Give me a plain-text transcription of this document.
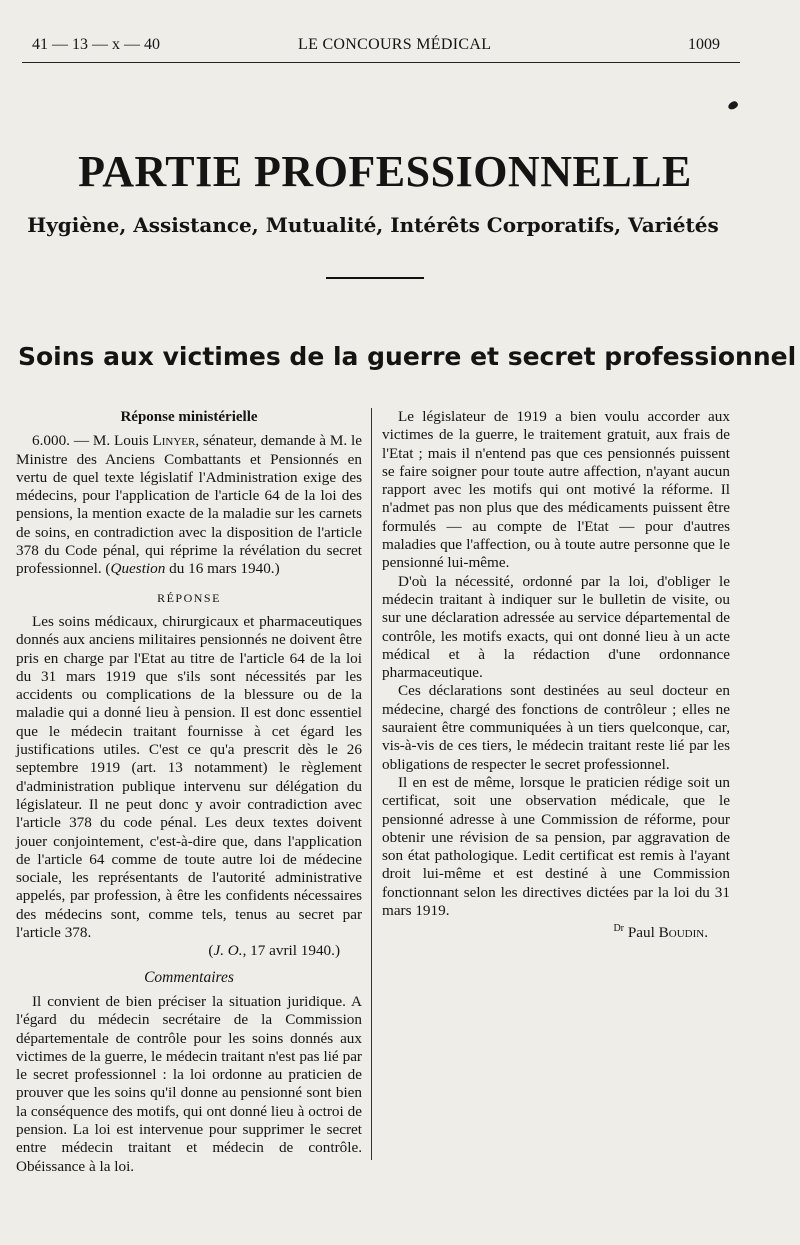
41 — 13 — x — 40	LE CONCOURS MÉDICAL	1009
PARTIE PROFESSIONNELLE
Hygiène, Assistance, Mutualité, Intérêts Corporatifs, Variétés
Soins aux victimes de la guerre et secret professionnel
Réponse ministérielle

6.000. — M. Louis Linyer, sénateur, demande à M. le Ministre des Anciens Combattants et Pensionnés en vertu de quel texte législatif l'Administration exige des médecins, pour l'application de l'article 64 de la loi des pensions, la mention exacte de la maladie sur les carnets de soins, en contradiction avec la disposition de l'article 378 du Code pénal, qui réprime la révélation du secret professionnel. (Question du 16 mars 1940.)

RÉPONSE

Les soins médicaux, chirurgicaux et pharmaceutiques donnés aux anciens militaires pensionnés ne doivent être pris en charge par l'Etat au titre de l'article 64 de la loi du 31 mars 1919 que s'ils sont nécessités par les accidents ou complications de la blessure ou de la maladie qui a donné lieu à pension. Il est donc essentiel que le médecin traitant fournisse à cet égard les justifications utiles. C'est ce qu'a prescrit dès le 26 septembre 1919 (art. 13 notamment) le règlement d'administration publique intervenu sur délégation du législateur. Il ne peut donc y avoir contradiction avec l'article 378 du code pénal. Les deux textes doivent jouer conjointement, c'est-à-dire que, dans l'application de l'article 64 comme de toute autre loi de médecine sociale, les représentants de l'autorité administrative appelés, par profession, à être les confidents nécessaires des médecins sont, comme tels, tenus au secret par l'article 378.

(J. O., 17 avril 1940.)

Commentaires

Il convient de bien préciser la situation juridique. A l'égard du médecin secrétaire de la Commission départementale de contrôle pour les soins donnés aux victimes de la guerre, le médecin traitant n'est pas lié par le secret professionnel : la loi ordonne au praticien de prouver que les soins qu'il donne au pensionné sont bien la conséquence des motifs, qui ont donné lieu à octroi de pension. La loi est intervenue pour supprimer le secret entre médecin traitant et médecin de contrôle. Obéissance à la loi.

Le législateur de 1919 a bien voulu accorder aux victimes de la guerre, le traitement gratuit, aux frais de l'Etat ; mais il n'entend pas que ces pensionnés puissent se faire soigner pour toute autre affection, n'ayant aucun rapport avec les motifs qui ont motivé la réforme. Il n'admet pas non plus que des médicaments puissent être formulés — au compte de l'Etat — pour d'autres maladies que l'affection, ou à toute autre personne que le pensionné lui-même.

D'où la nécessité, ordonné par la loi, d'obliger le médecin traitant à indiquer sur le bulletin de visite, ou sur une déclaration adressée au service départemental de contrôle, les motifs exacts, qui ont donné lieu à un acte médical et à la rédaction d'une ordonnance pharmaceutique.

Ces déclarations sont destinées au seul docteur en médecine, chargé des fonctions de contrôleur ; elles ne sauraient être communiquées à un tiers quelconque, car, vis-à-vis de ces tiers, le médecin traitant reste lié par les obligations de respecter le secret professionnel.

Il en est de même, lorsque le praticien rédige soit un certificat, soit une observation médicale, que le pensionné adresse à une Commission de réforme, pour obtenir une révision de sa pension, par aggravation de son état pathologique. Ledit certificat est remis à l'ayant droit lui-même et est destiné à une Commission fonctionnant selon les directives dictées par la loi du 31 mars 1919.

$^{Dr}$ Paul Boudin.
